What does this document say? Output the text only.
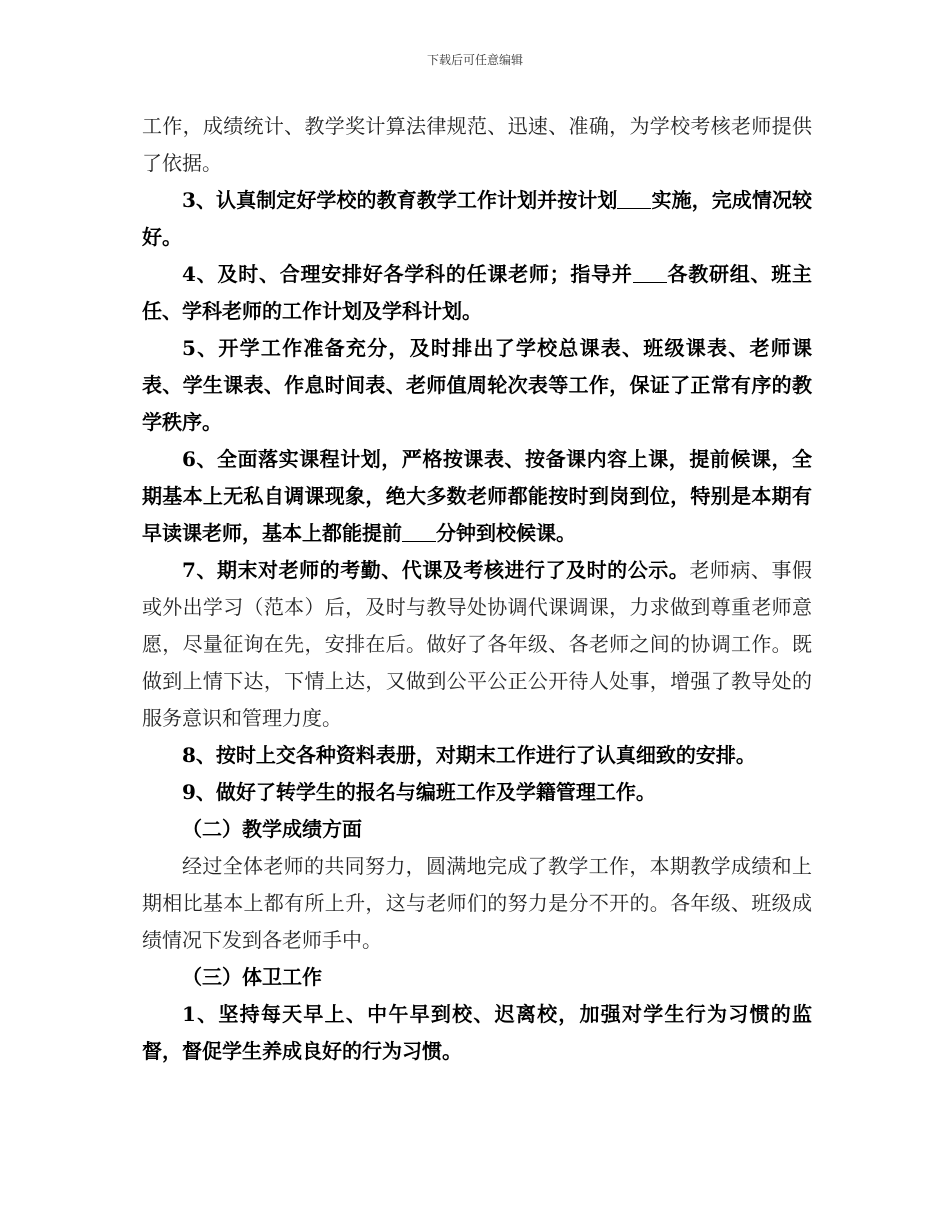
下载后可任意编辑

工作，成绩统计、教学奖计算法律规范、迅速、准确，为学校考核老师提供了依据。

3、认真制定好学校的教育教学工作计划并按计划 实施，完成情况较好。

4、及时、合理安排好各学科的任课老师；指导并 各教研组、班主任、学科老师的工作计划及学科计划。

5、开学工作准备充分，及时排出了学校总课表、班级课表、老师课表、学生课表、作息时间表、老师值周轮次表等工作，保证了正常有序的教学秩序。

6、全面落实课程计划，严格按课表、按备课内容上课，提前候课，全期基本上无私自调课现象，绝大多数老师都能按时到岗到位，特别是本期有早读课老师，基本上都能提前 分钟到校候课。

7、期末对老师的考勤、代课及考核进行了及时的公示。老师病、事假或外出学习（范本）后，及时与教导处协调代课调课，力求做到尊重老师意愿，尽量征询在先，安排在后。做好了各年级、各老师之间的协调工作。既做到上情下达，下情上达，又做到公平公正公开待人处事，增强了教导处的服务意识和管理力度。

8、按时上交各种资料表册，对期末工作进行了认真细致的安排。

9、做好了转学生的报名与编班工作及学籍管理工作。

（二）教学成绩方面

经过全体老师的共同努力，圆满地完成了教学工作，本期教学成绩和上期相比基本上都有所上升，这与老师们的努力是分不开的。各年级、班级成绩情况下发到各老师手中。

（三）体卫工作

1、坚持每天早上、中午早到校、迟离校，加强对学生行为习惯的监督，督促学生养成良好的行为习惯。
